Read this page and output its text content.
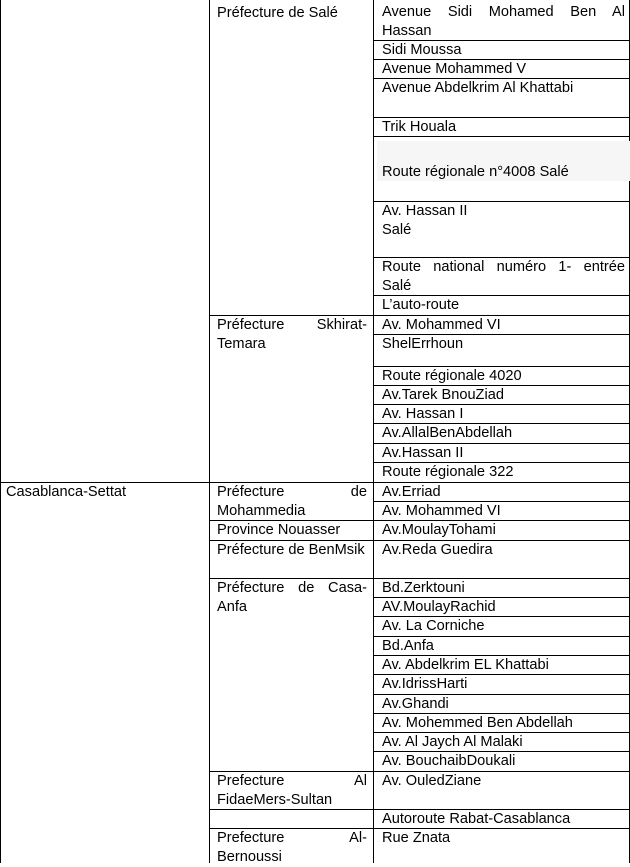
Casablanca-Settat
Préfecture de Salé
Préfecture Skhirat-Temara
Préfecture de Mohammedia
Province Nouasser
Préfecture de BenMsik
Préfecture de Casa-Anfa
Prefecture Al FidaeMers-Sultan
Prefecture Al-Bernoussi
Avenue Sidi Mohamed Ben Al Hassan
Sidi Moussa
Avenue Mohammed V
Avenue Abdelkrim Al Khattabi
Trik Houala
Route régionale n°4008 Salé
Av. Hassan II
Salé
Route national numéro 1- entrée Salé
L’auto-route
Av. Mohammed VI
ShelErrhoun
Route régionale 4020
Av.Tarek BnouZiad
Av. Hassan I
Av.AllalBenAbdellah
Av.Hassan II
Route régionale 322
Av.Erriad
Av. Mohammed VI
Av.MoulayTohami
Av.Reda Guedira
Bd.Zerktouni
AV.MoulayRachid
Av. La Corniche
Bd.Anfa
Av. Abdelkrim EL Khattabi
Av.IdrissHarti
Av.Ghandi
Av. Mohemmed Ben Abdellah
Av. Al Jaych Al Malaki
Av. BouchaibDoukali
Av. OuledZiane
Autoroute Rabat-Casablanca
Rue Znata
